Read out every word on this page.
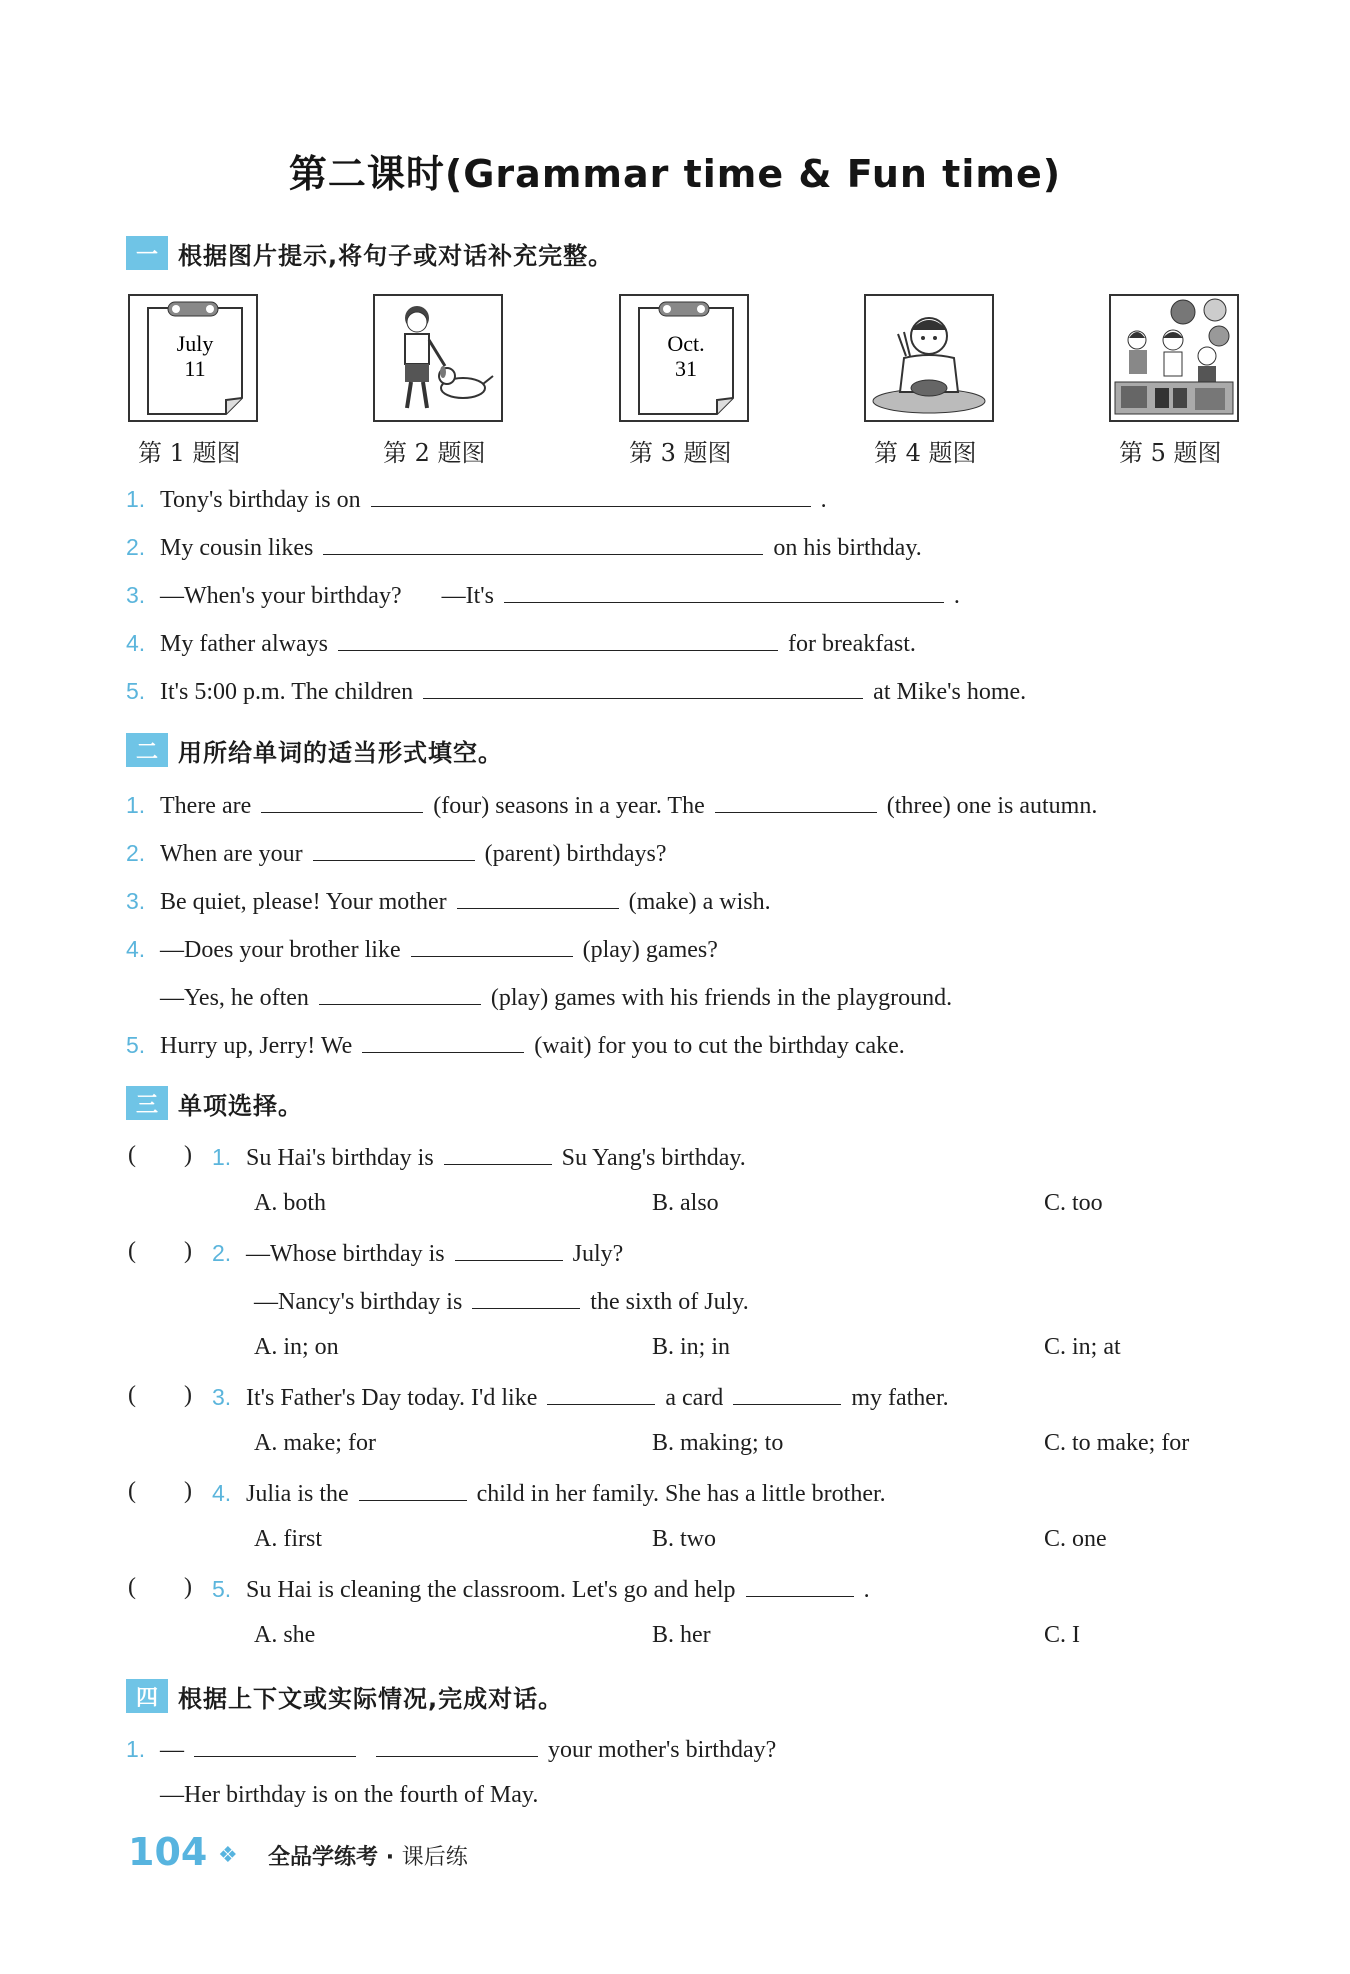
第二课时(Grammar time & Fun time)
一 根据图片提示,将句子或对话补充完整。
July
11
Oct.
31
第 1 题图	第 2 题图	第 3 题图	第 4 题图	第 5 题图
1. Tony's birthday is on	.
2. My cousin likes	on his birthday.
3. —When's your birthday? —It's	.
4. My father always	for breakfast.
5. It's 5:00 p.m. The children	at Mike's home.
二 用所给单词的适当形式填空。
1. There are	(four) seasons in a year. The	(three) one is autumn.
2. When are your	(parent) birthdays?
3. Be quiet, please! Your mother	(make) a wish.
4. —Does your brother like	(play) games?
—Yes, he often	(play) games with his friends in the playground.
5. Hurry up, Jerry! We	(wait) for you to cut the birthday cake.
三 单项选择。
(        ) 1. Su Hai's birthday is	Su Yang's birthday.
A. both	B. also	C. too
(        ) 2. —Whose birthday is	July?
—Nancy's birthday is	the sixth of July.
A. in; on	B. in; in	C. in; at
(        ) 3. It's Father's Day today. I'd like	a card	my father.
A. make; for	B. making; to	C. to make; for
(        ) 4. Julia is the	child in her family. She has a little brother.
A. first	B. two	C. one
(        ) 5. Su Hai is cleaning the classroom. Let's go and help	.
A. she	B. her	C. I
四 根据上下文或实际情况,完成对话。
1. —	your mother's birthday?
—Her birthday is on the fourth of May.
104 ❖ 全品学练考 · 课后练
